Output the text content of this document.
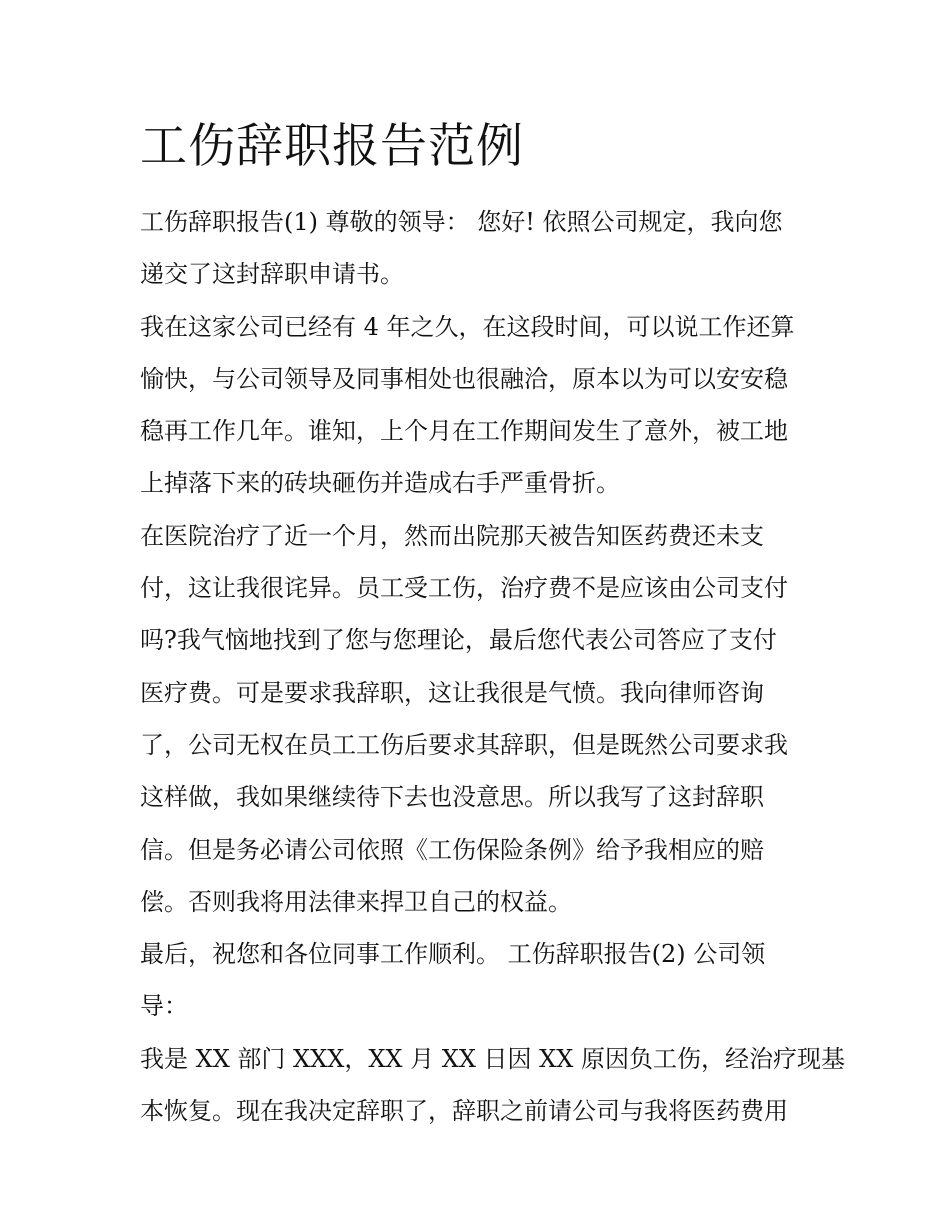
工伤辞职报告范例
工伤辞职报告(1) 尊敬的领导： 您好! 依照公司规定，我向您
递交了这封辞职申请书。
我在这家公司已经有 4 年之久，在这段时间，可以说工作还算
愉快，与公司领导及同事相处也很融洽，原本以为可以安安稳
稳再工作几年。谁知，上个月在工作期间发生了意外，被工地
上掉落下来的砖块砸伤并造成右手严重骨折。
在医院治疗了近一个月，然而出院那天被告知医药费还未支
付，这让我很诧异。员工受工伤，治疗费不是应该由公司支付
吗?我气恼地找到了您与您理论，最后您代表公司答应了支付
医疗费。可是要求我辞职，这让我很是气愤。我向律师咨询
了，公司无权在员工工伤后要求其辞职，但是既然公司要求我
这样做，我如果继续待下去也没意思。所以我写了这封辞职
信。但是务必请公司依照《工伤保险条例》给予我相应的赔
偿。否则我将用法律来捍卫自己的权益。
最后，祝您和各位同事工作顺利。 工伤辞职报告(2) 公司领
导：
我是 XX 部门 XXX，XX 月 XX 日因 XX 原因负工伤，经治疗现基
本恢复。现在我决定辞职了，辞职之前请公司与我将医药费用
